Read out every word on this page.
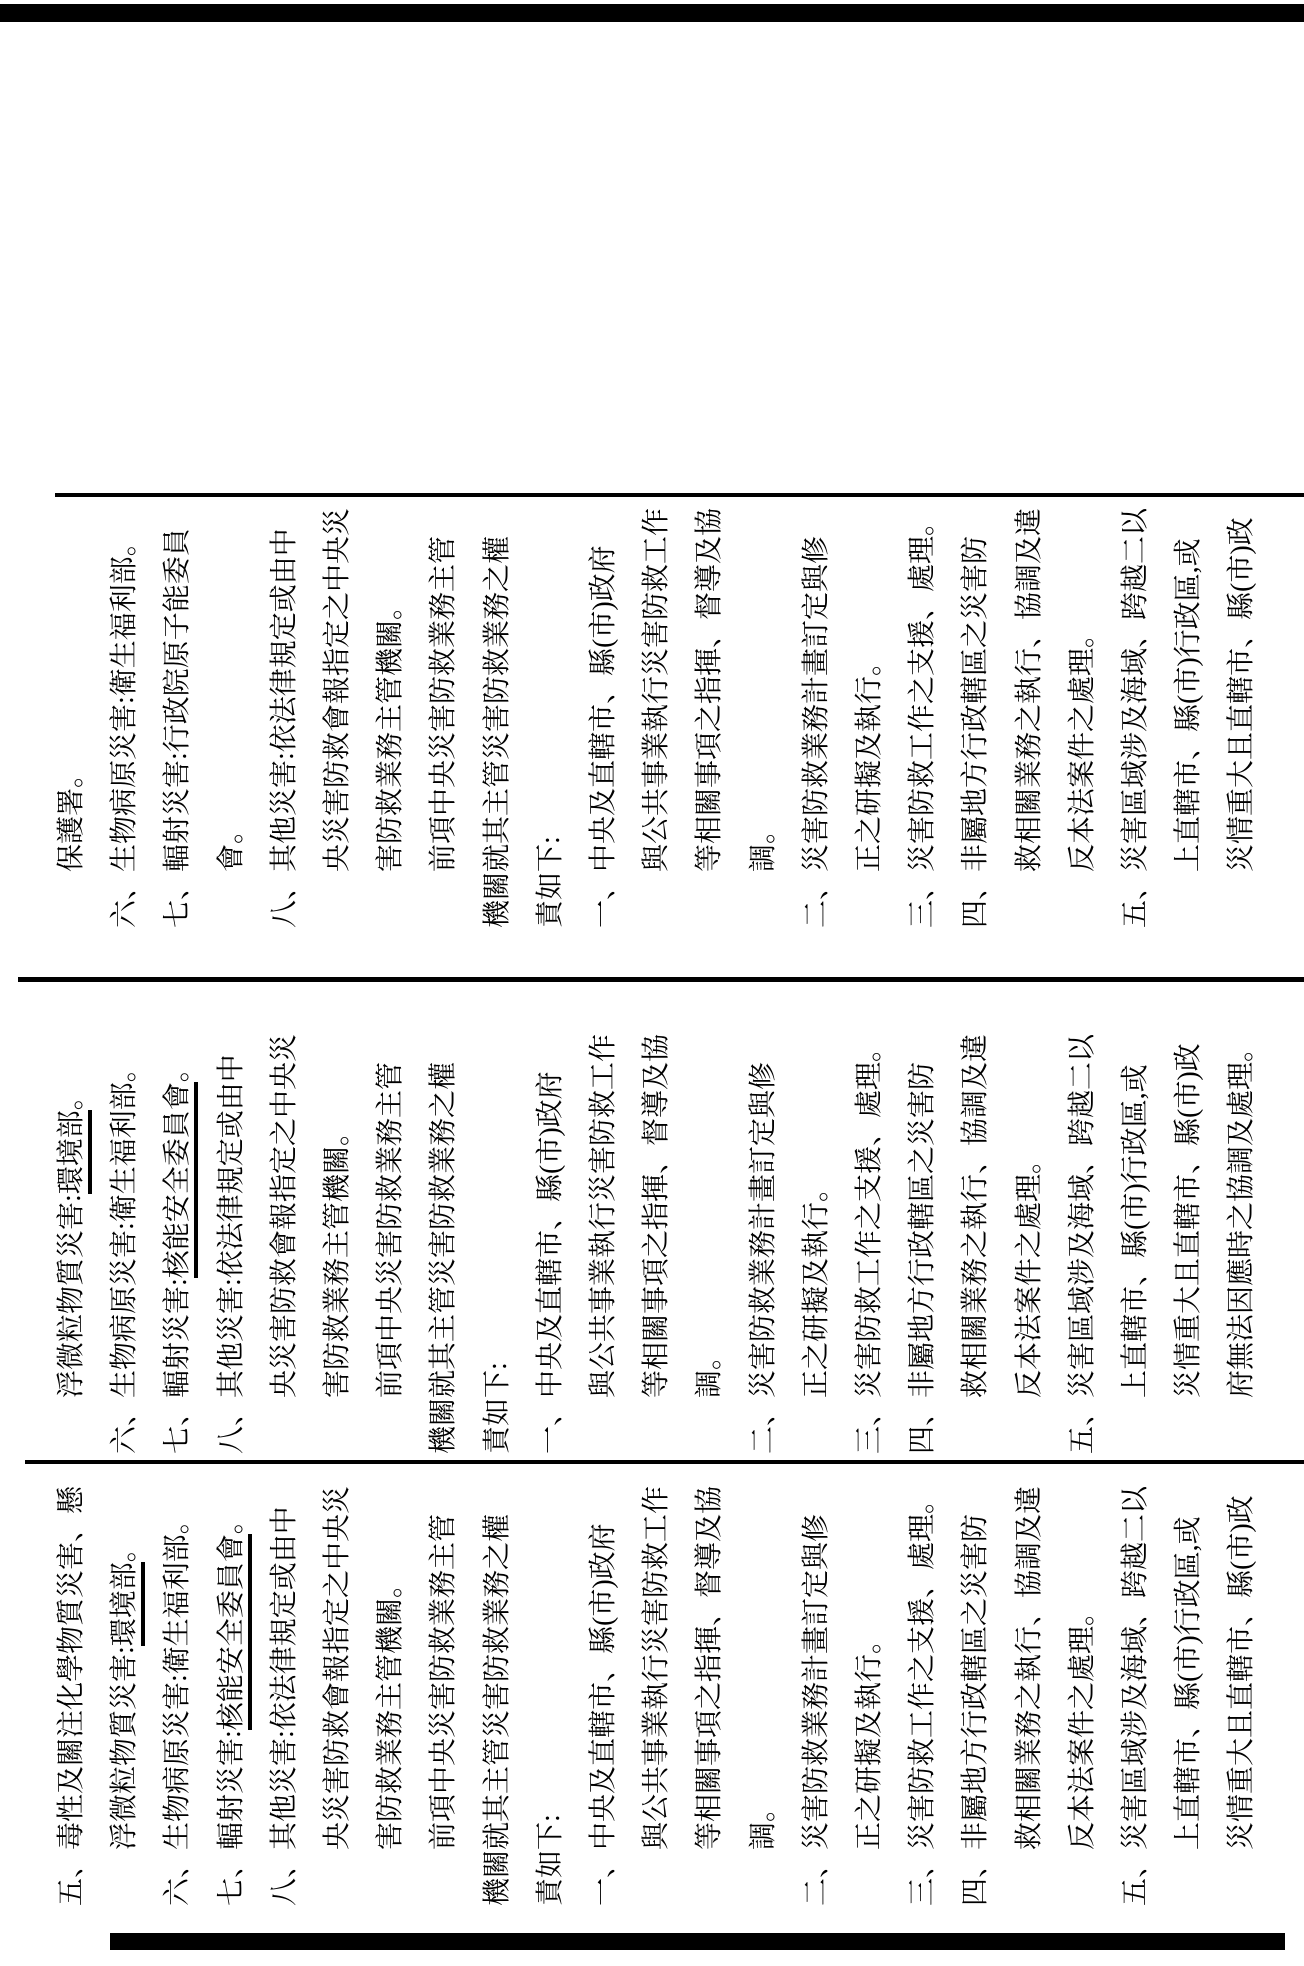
保護署。 六、生物病原災害:衛生福利部。 七、輻射災害:行政院原子能委員 會。 八、其他災害:依法律規定或由中 央災害防救會報指定之中央災 害防救業務主管機關。 前項中央災害防救業務主管 機關就其主管災害防救業務之權 責如下: 一、中央及直轄市、縣(市)政府 與公共事業執行災害防救工作 等相關事項之指揮、督導及協 調。 二、災害防救業務計畫訂定與修 正之研擬及執行。 三、災害防救工作之支援、處理。 四、非屬地方行政轄區之災害防 救相關業務之執行、協調及違 反本法案件之處理。 五、災害區域涉及海域、跨越二以 上直轄市、縣(市)行政區,或 災情重大且直轄市、縣(市)政
浮微粒物質災害:環境部。 六、生物病原災害:衛生福利部。 七、輻射災害:核能安全委員會。 八、其他災害:依法律規定或由中 央災害防救會報指定之中央災 害防救業務主管機關。 前項中央災害防救業務主管 機關就其主管災害防救業務之權 責如下: 一、中央及直轄市、縣(市)政府 與公共事業執行災害防救工作 等相關事項之指揮、督導及協 調。 二、災害防救業務計畫訂定與修 正之研擬及執行。 三、災害防救工作之支援、處理。 四、非屬地方行政轄區之災害防 救相關業務之執行、協調及違 反本法案件之處理。 五、災害區域涉及海域、跨越二以 上直轄市、縣(市)行政區,或 災情重大且直轄市、縣(市)政 府無法因應時之協調及處理。
五、毒性及關注化學物質災害、懸 浮微粒物質災害:環境部。 六、生物病原災害:衛生福利部。 七、輻射災害:核能安全委員會。 八、其他災害:依法律規定或由中 央災害防救會報指定之中央災 害防救業務主管機關。 前項中央災害防救業務主管 機關就其主管災害防救業務之權 責如下: 一、中央及直轄市、縣(市)政府 與公共事業執行災害防救工作 等相關事項之指揮、督導及協 調。 二、災害防救業務計畫訂定與修 正之研擬及執行。 三、災害防救工作之支援、處理。 四、非屬地方行政轄區之災害防 救相關業務之執行、協調及違 反本法案件之處理。 五、災害區域涉及海域、跨越二以 上直轄市、縣(市)行政區,或 災情重大且直轄市、縣(市)政
